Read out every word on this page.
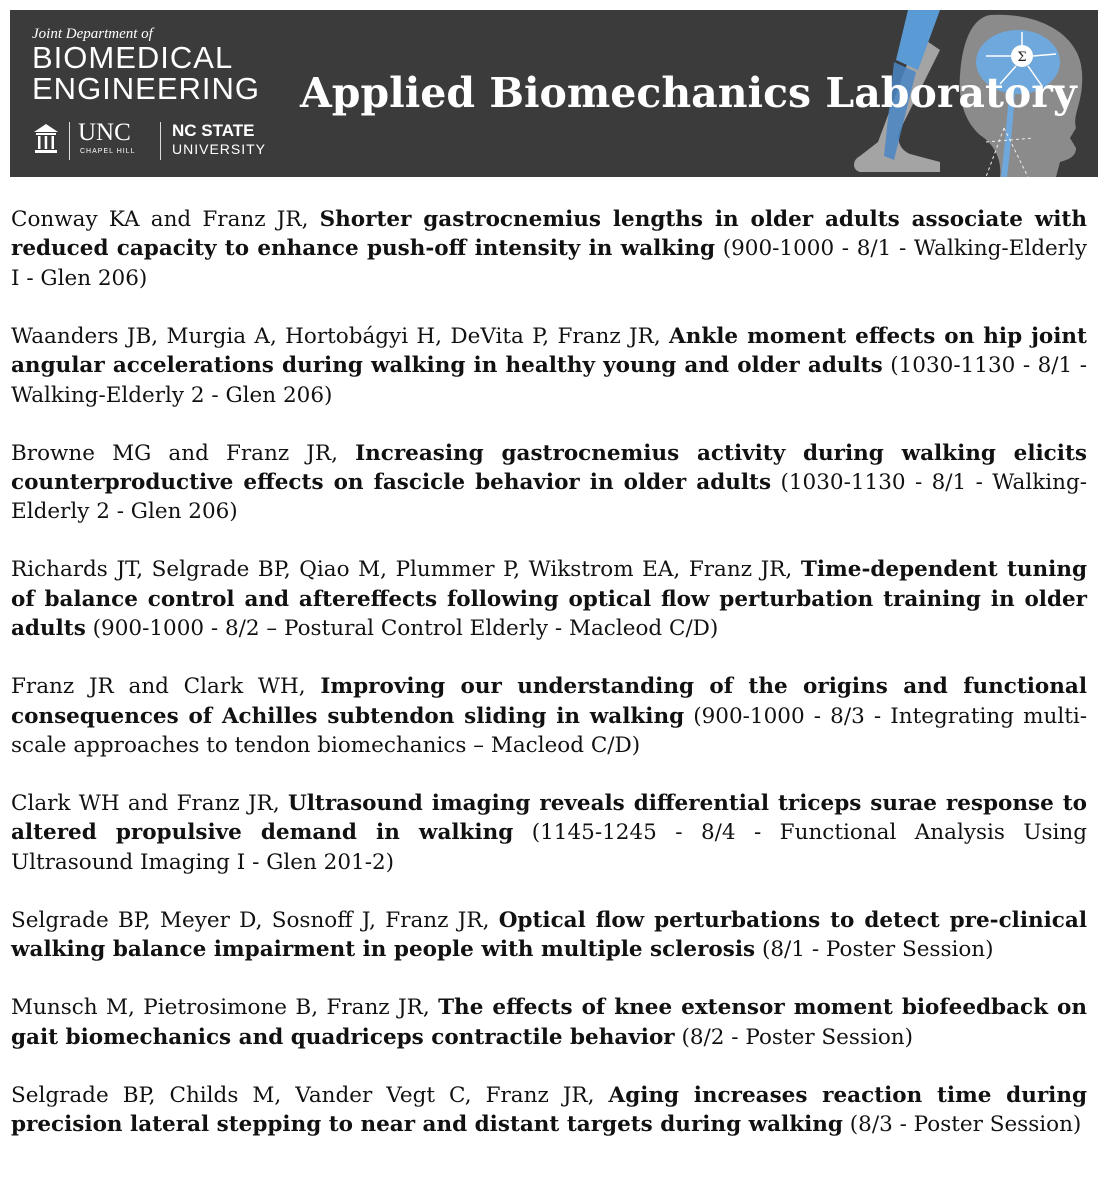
Joint Department of
BIOMEDICAL
ENGINEERING
UNC
CHAPEL HILL
NC STATE
UNIVERSITY
Applied Biomechanics Laboratory
Σ

Conway KA and Franz JR, Shorter gastrocnemius lengths in older adults associate with reduced capacity to enhance push-off intensity in walking (900-1000 - 8/1 - Walking-Elderly I - Glen 206)

Waanders JB, Murgia A, Hortobágyi H, DeVita P, Franz JR, Ankle moment effects on hip joint angular accelerations during walking in healthy young and older adults (1030-1130 - 8/1 - Walking-Elderly 2 - Glen 206)

Browne MG and Franz JR, Increasing gastrocnemius activity during walking elicits counterproductive effects on fascicle behavior in older adults (1030-1130 - 8/1 - Walking-Elderly 2 - Glen 206)

Richards JT, Selgrade BP, Qiao M, Plummer P, Wikstrom EA, Franz JR, Time-dependent tuning of balance control and aftereffects following optical flow perturbation training in older adults (900-1000 - 8/2 – Postural Control Elderly - Macleod C/D)

Franz JR and Clark WH, Improving our understanding of the origins and functional consequences of Achilles subtendon sliding in walking (900-1000 - 8/3 - Integrating multi-scale approaches to tendon biomechanics – Macleod C/D)

Clark WH and Franz JR, Ultrasound imaging reveals differential triceps surae response to altered propulsive demand in walking (1145-1245 - 8/4 - Functional Analysis Using Ultrasound Imaging I - Glen 201-2)

Selgrade BP, Meyer D, Sosnoff J, Franz JR, Optical flow perturbations to detect pre-clinical walking balance impairment in people with multiple sclerosis (8/1 - Poster Session)

Munsch M, Pietrosimone B, Franz JR, The effects of knee extensor moment biofeedback on gait biomechanics and quadriceps contractile behavior (8/2 - Poster Session)

Selgrade BP, Childs M, Vander Vegt C, Franz JR, Aging increases reaction time during precision lateral stepping to near and distant targets during walking (8/3 - Poster Session)
